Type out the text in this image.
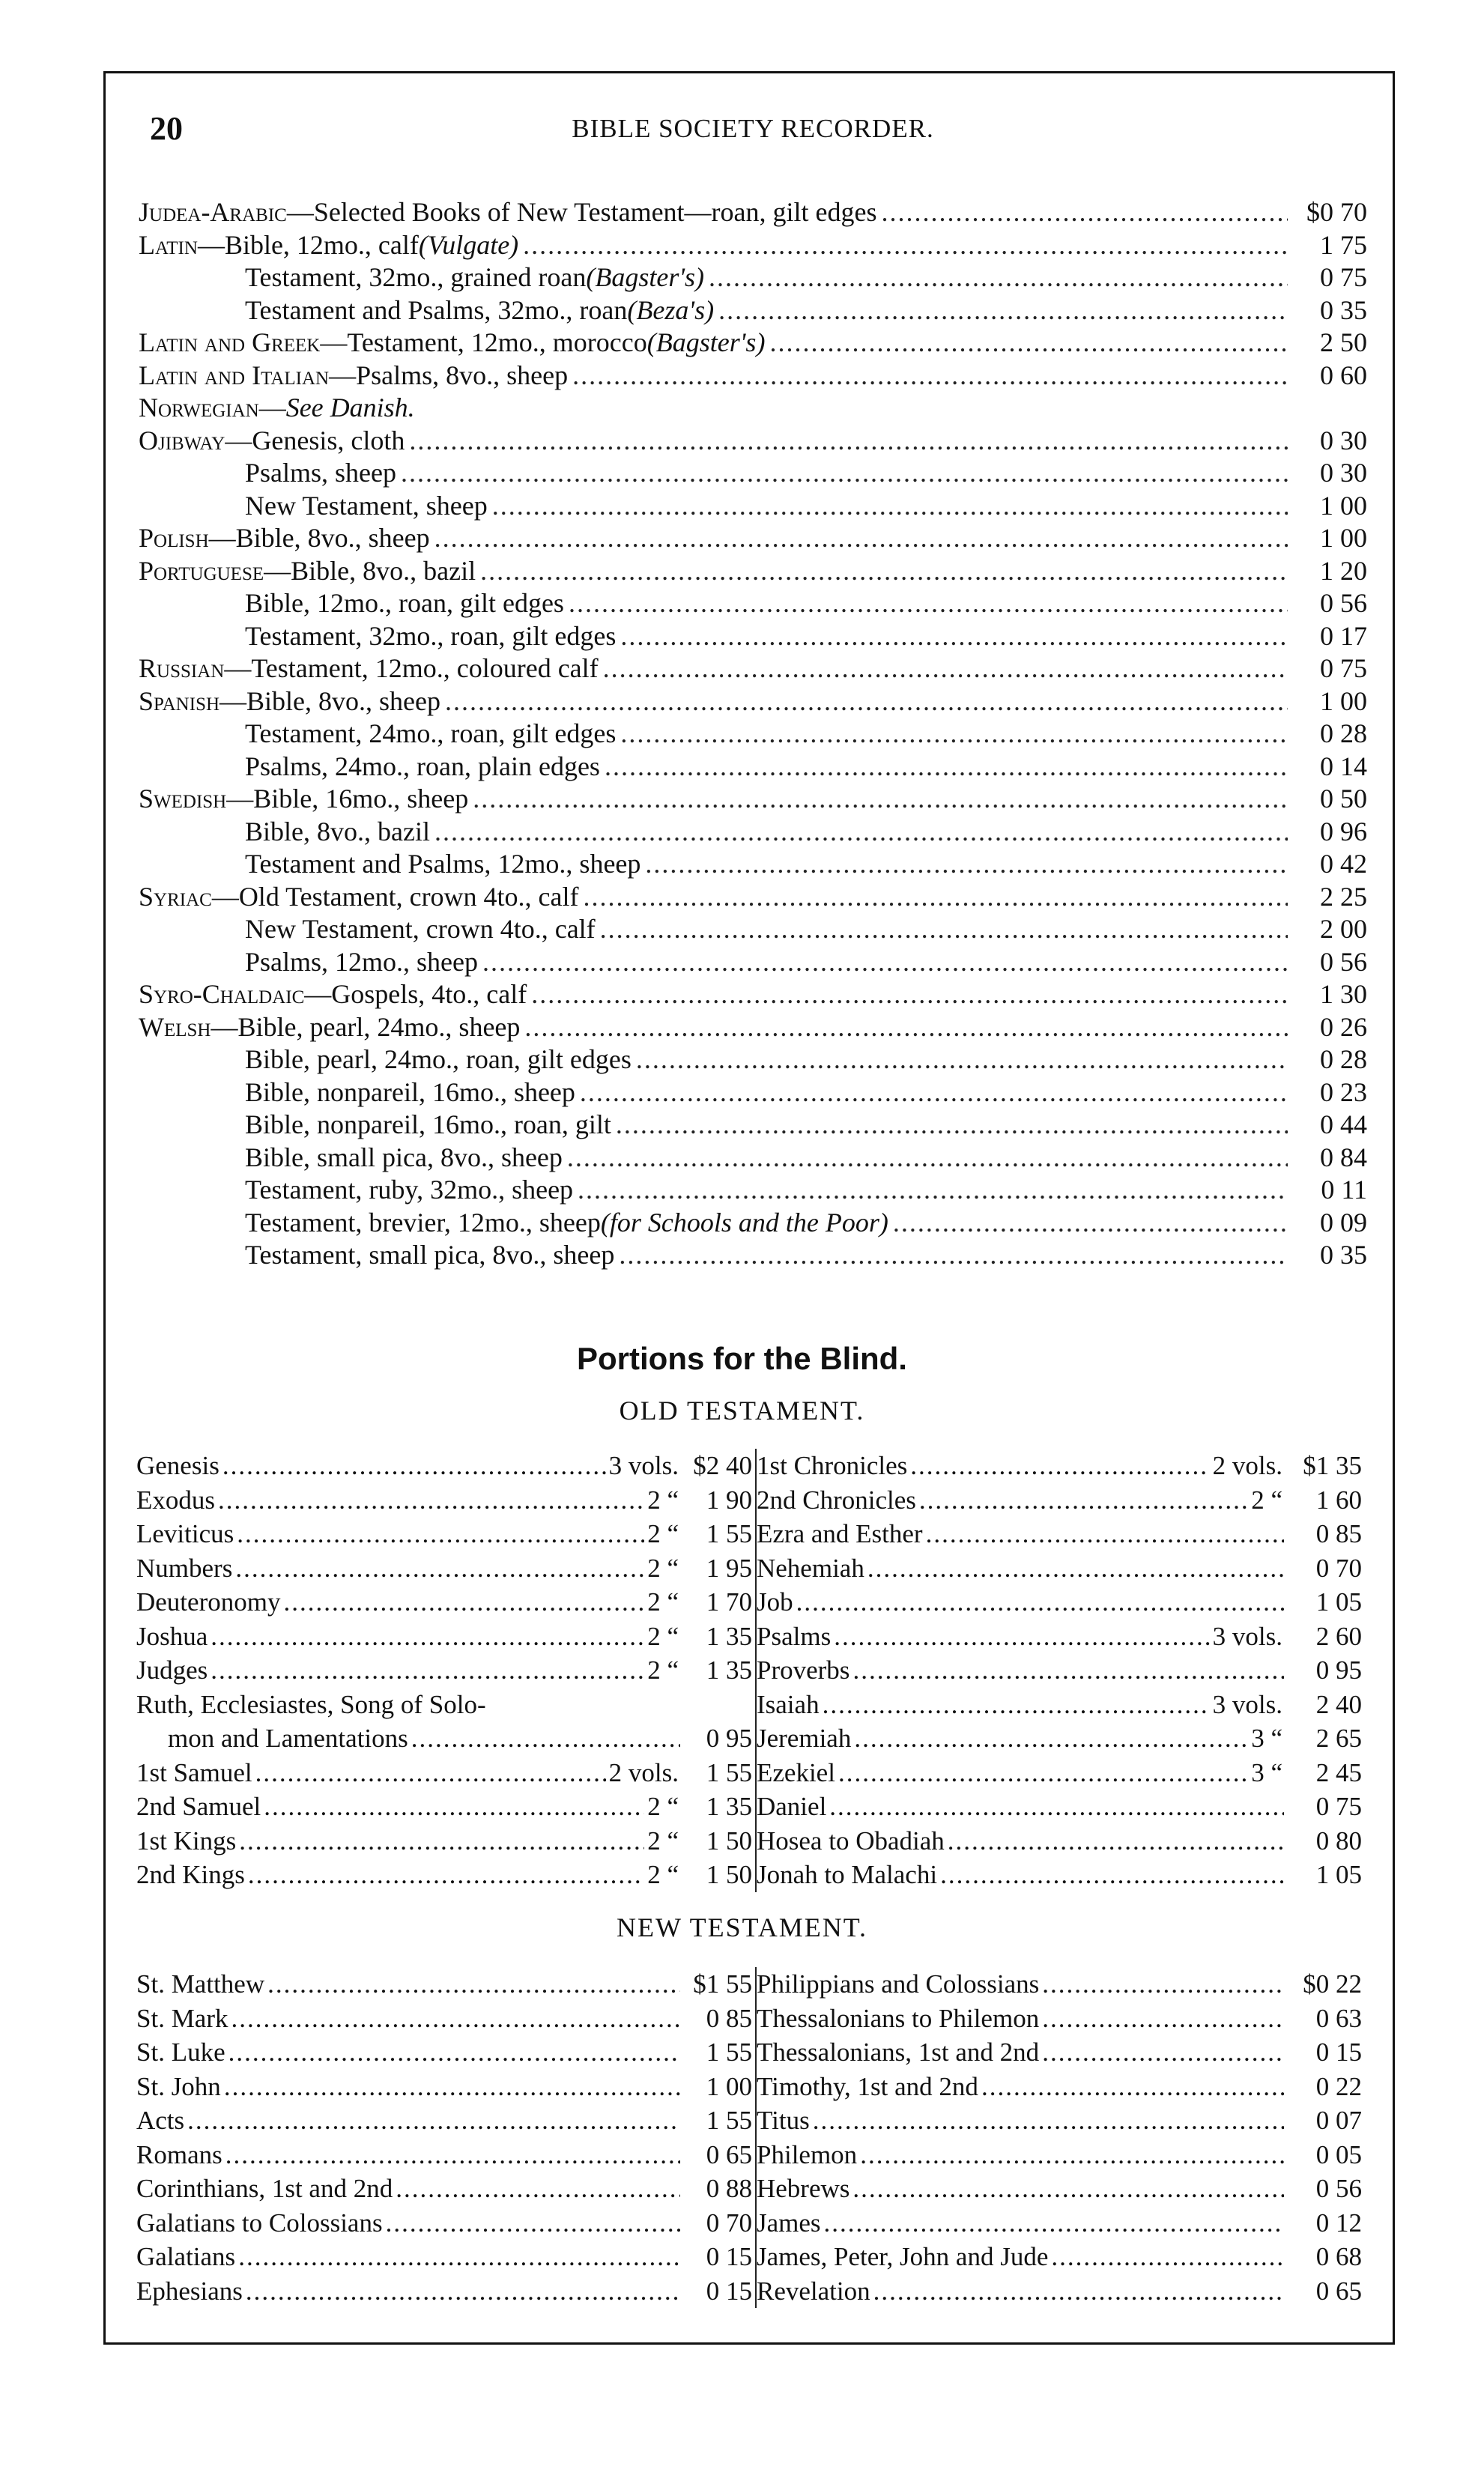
20	BIBLE SOCIETY RECORDER.
Judea-Arabic—Selected Books of New Testament—roan, gilt edges .....	$0 70
Latin—Bible, 12mo., calf(Vulgate) .....	1 75
Testament, 32mo., grained roan(Bagster's) .....	0 75
Testament and Psalms, 32mo., roan(Beza's) .....	0 35
Latin and Greek—Testament, 12mo., morocco(Bagster's) .....	2 50
Latin and Italian—Psalms, 8vo., sheep .....	0 60
Norwegian—See Danish.
Ojibway—Genesis, cloth .....	0 30
Psalms, sheep .....	0 30
New Testament, sheep .....	1 00
Polish—Bible, 8vo., sheep .....	1 00
Portuguese—Bible, 8vo., bazil .....	1 20
Bible, 12mo., roan, gilt edges .....	0 56
Testament, 32mo., roan, gilt edges .....	0 17
Russian—Testament, 12mo., coloured calf .....	0 75
Spanish—Bible, 8vo., sheep .....	1 00
Testament, 24mo., roan, gilt edges .....	0 28
Psalms, 24mo., roan, plain edges .....	0 14
Swedish—Bible, 16mo., sheep .....	0 50
Bible, 8vo., bazil .....	0 96
Testament and Psalms, 12mo., sheep .....	0 42
Syriac—Old Testament, crown 4to., calf .....	2 25
New Testament, crown 4to., calf .....	2 00
Psalms, 12mo., sheep .....	0 56
Syro-Chaldaic—Gospels, 4to., calf .....	1 30
Welsh—Bible, pearl, 24mo., sheep .....	0 26
Bible, pearl, 24mo., roan, gilt edges .....	0 28
Bible, nonpareil, 16mo., sheep .....	0 23
Bible, nonpareil, 16mo., roan, gilt .....	0 44
Bible, small pica, 8vo., sheep .....	0 84
Testament, ruby, 32mo., sheep .....	0 11
Testament, brevier, 12mo., sheep(for Schools and the Poor) .....	0 09
Testament, small pica, 8vo., sheep .....	0 35
Portions for the Blind.
OLD TESTAMENT.
Genesis .....	3 vols. $2 40
Exodus .....	2 “	1 90
Leviticus .....	2 “	1 55
Numbers .....	2 “	1 95
Deuteronomy .....	2 “	1 70
Joshua .....	2 “	1 35
Judges .....	2 “	1 35
Ruth, Ecclesiastes, Song of Solo-
mon and Lamentations .....	0 95
1st Samuel .....	2 vols.	1 55
2nd Samuel .....	2 “	1 35
1st Kings .....	2 “	1 50
2nd Kings .....	2 “	1 50
1st Chronicles .....	2 vols. $1 35
2nd Chronicles .....	2 “	1 60
Ezra and Esther .....	0 85
Nehemiah .....	0 70
Job .....	1 05
Psalms .....	3 vols.	2 60
Proverbs .....	0 95
Isaiah .....	3 vols.	2 40
Jeremiah .....	3 “	2 65
Ezekiel .....	3 “	2 45
Daniel .....	0 75
Hosea to Obadiah .....	0 80
Jonah to Malachi .....	1 05
NEW TESTAMENT.
St. Matthew .....	$1 55
St. Mark .....	0 85
St. Luke .....	1 55
St. John .....	1 00
Acts .....	1 55
Romans .....	0 65
Corinthians, 1st and 2nd .....	0 88
Galatians to Colossians .....	0 70
Galatians .....	0 15
Ephesians .....	0 15
Philippians and Colossians .....	$0 22
Thessalonians to Philemon .....	0 63
Thessalonians, 1st and 2nd .....	0 15
Timothy, 1st and 2nd .....	0 22
Titus .....	0 07
Philemon .....	0 05
Hebrews .....	0 56
James .....	0 12
James, Peter, John and Jude .....	0 68
Revelation .....	0 65
